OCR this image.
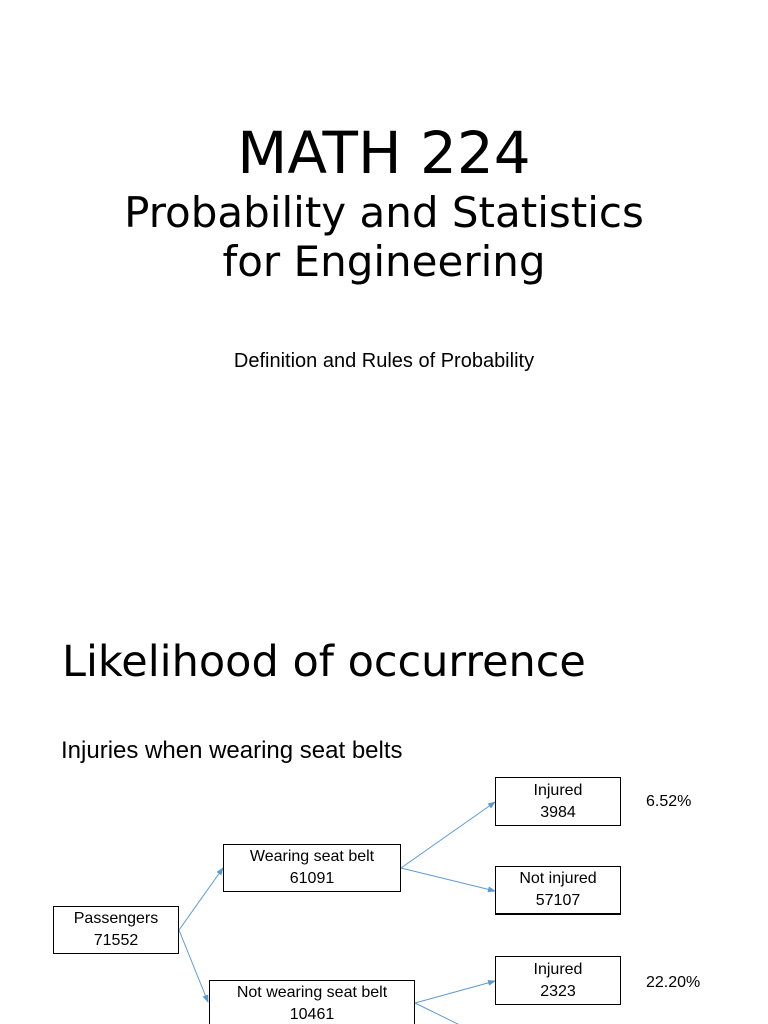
MATH 224
Probability and Statistics
for Engineering
Definition and Rules of Probability
Likelihood of occurrence
Injuries when wearing seat belts
Passengers
71552
Wearing seat belt
61091
Not wearing seat belt
10461
Injured
3984
Not injured
57107
Injured
2323
6.52%
22.20%
